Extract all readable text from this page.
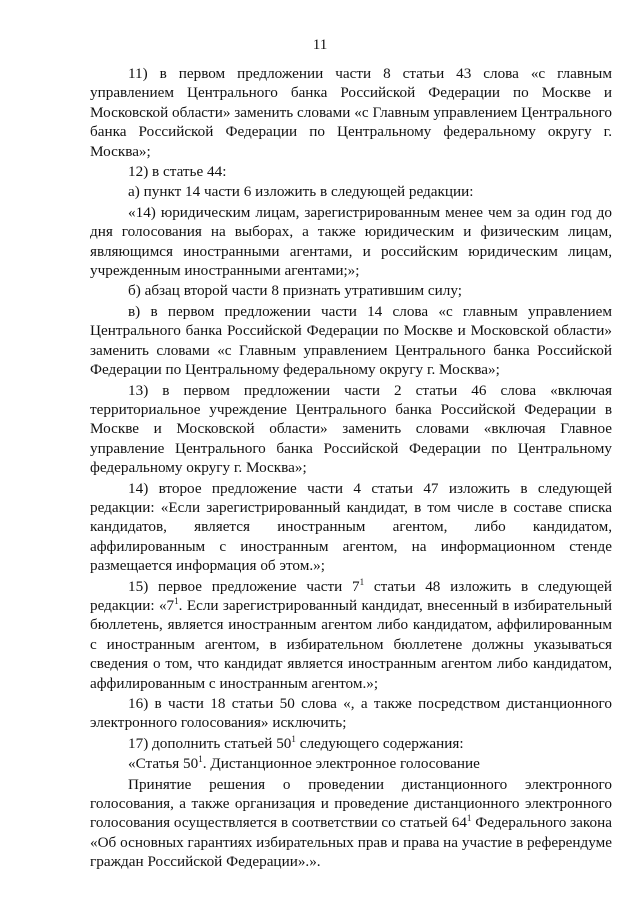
11

11) в первом предложении части 8 статьи 43 слова «с главным управлением Центрального банка Российской Федерации по Москве и Московской области» заменить словами «с Главным управлением Центрального банка Российской Федерации по Центральному федеральному округу г. Москва»;

12) в статье 44:

а) пункт 14 части 6 изложить в следующей редакции:

«14) юридическим лицам, зарегистрированным менее чем за один год до дня голосования на выборах, а также юридическим и физическим лицам, являющимся иностранными агентами, и российским юридическим лицам, учрежденным иностранными агентами;»;

б) абзац второй части 8 признать утратившим силу;

в) в первом предложении части 14 слова «с главным управлением Центрального банка Российской Федерации по Москве и Московской области» заменить словами «с Главным управлением Центрального банка Российской Федерации по Центральному федеральному округу г. Москва»;

13) в первом предложении части 2 статьи 46 слова «включая территориальное учреждение Центрального банка Российской Федерации в Москве и Московской области» заменить словами «включая Главное управление Центрального банка Российской Федерации по Центральному федеральному округу г. Москва»;

14) второе предложение части 4 статьи 47 изложить в следующей редакции: «Если зарегистрированный кандидат, в том числе в составе списка кандидатов, является иностранным агентом, либо кандидатом, аффилированным с иностранным агентом, на информационном стенде размещается информация об этом.»;

15) первое предложение части $7^1$ статьи 48 изложить в следующей редакции: «$7^1$. Если зарегистрированный кандидат, внесенный в избирательный бюллетень, является иностранным агентом либо кандидатом, аффилированным с иностранным агентом, в избирательном бюллетене должны указываться сведения о том, что кандидат является иностранным агентом либо кандидатом, аффилированным с иностранным агентом.»;

16) в части 18 статьи 50 слова «, а также посредством дистанционного электронного голосования» исключить;

17) дополнить статьей $50^1$ следующего содержания:

«Статья $50^1$. Дистанционное электронное голосование

Принятие решения о проведении дистанционного электронного голосования, а также организация и проведение дистанционного электронного голосования осуществляется в соответствии со статьей $64^1$ Федерального закона «Об основных гарантиях избирательных прав и права на участие в референдуме граждан Российской Федерации».».
